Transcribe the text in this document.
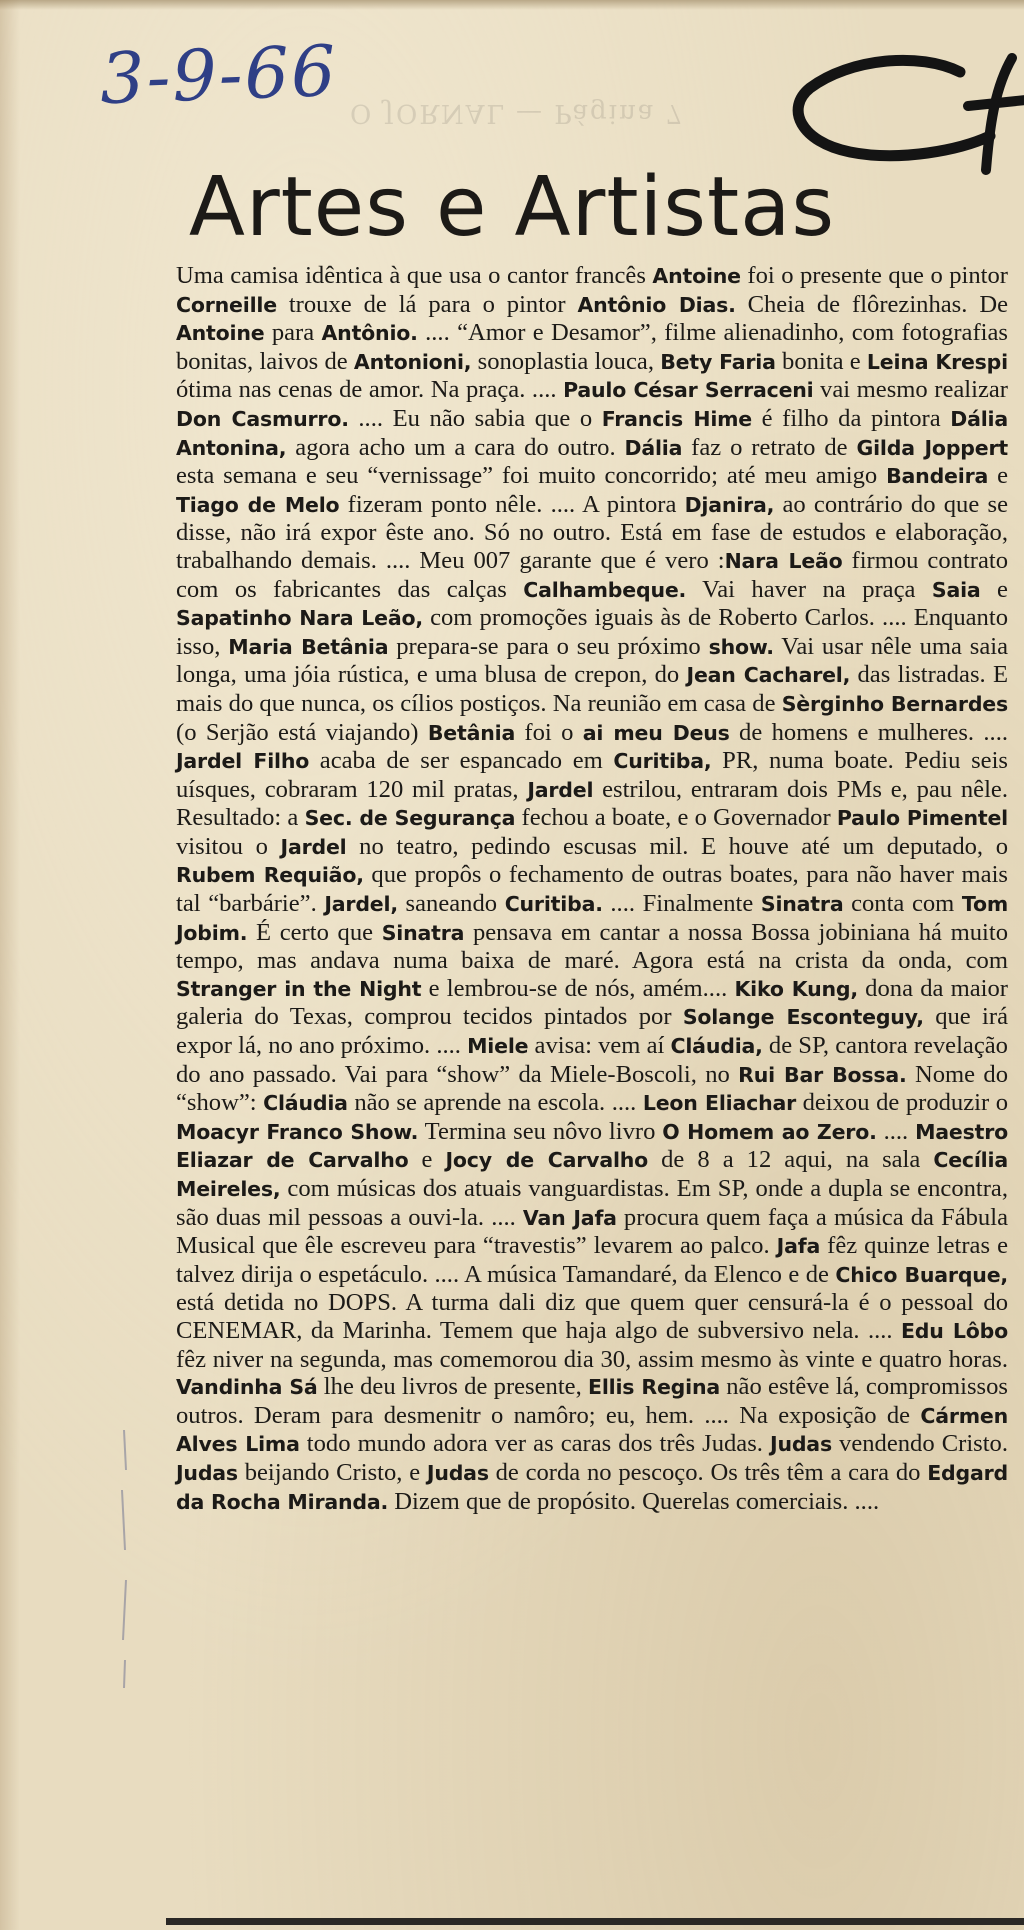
3-9-66 O JORNAL — Página 7
Artes e Artistas

Uma camisa idêntica à que usa o cantor francês Antoine foi o presente que o pintor Corneille trouxe de lá para o pintor Antônio Dias. Cheia de flôrezinhas. De Antoine para Antônio. .... “Amor e Desamor”, filme alienadinho, com fotografias bonitas, laivos de Antonioni, sonoplastia louca, Bety Faria bonita e Leina Krespi ótima nas cenas de amor. Na praça. .... Paulo César Serraceni vai mesmo realizar Don Casmurro. .... Eu não sabia que o Francis Hime é filho da pintora Dália Antonina, agora acho um a cara do outro. Dália faz o retrato de Gilda Joppert esta semana e seu “vernissage” foi muito concorrido; até meu amigo Bandeira e Tiago de Melo fizeram ponto nêle. .... A pintora Djanira, ao contrário do que se disse, não irá expor êste ano. Só no outro. Está em fase de estudos e elaboração, trabalhando demais. .... Meu 007 garante que é vero :Nara Leão firmou contrato com os fabricantes das calças Calhambeque. Vai haver na praça Saia e Sapatinho Nara Leão, com promoções iguais às de Roberto Carlos. .... Enquanto isso, Maria Betânia prepara-se para o seu próximo show. Vai usar nêle uma saia longa, uma jóia rústica, e uma blusa de crepon, do Jean Cacharel, das listradas. E mais do que nunca, os cílios postiços. Na reunião em casa de Sèrginho Bernardes (o Serjão está viajando) Betânia foi o ai meu Deus de homens e mulheres. .... Jardel Filho acaba de ser espancado em Curitiba, PR, numa boate. Pediu seis uísques, cobraram 120 mil pratas, Jardel estrilou, entraram dois PMs e, pau nêle. Resultado: a Sec. de Segurança fechou a boate, e o Governador Paulo Pimentel visitou o Jardel no teatro, pedindo escusas mil. E houve até um deputado, o Rubem Requião, que propôs o fechamento de outras boates, para não haver mais tal “barbárie”. Jardel, saneando Curitiba. .... Finalmente Sinatra conta com Tom Jobim. É certo que Sinatra pensava em cantar a nossa Bossa jobiniana há muito tempo, mas andava numa baixa de maré. Agora está na crista da onda, com Stranger in the Night e lembrou-se de nós, amém.... Kiko Kung, dona da maior galeria do Texas, comprou tecidos pintados por Solange Esconteguy, que irá expor lá, no ano próximo. .... Miele avisa: vem aí Cláudia, de SP, cantora revelação do ano passado. Vai para “show” da Miele-Boscoli, no Rui Bar Bossa. Nome do “show”: Cláudia não se aprende na escola. .... Leon Eliachar deixou de produzir o Moacyr Franco Show. Termina seu nôvo livro O Homem ao Zero. .... Maestro Eliazar de Carvalho e Jocy de Carvalho de 8 a 12 aqui, na sala Cecília Meireles, com músicas dos atuais vanguardistas. Em SP, onde a dupla se encontra, são duas mil pessoas a ouvi-la. .... Van Jafa procura quem faça a música da Fábula Musical que êle escreveu para “travestis” levarem ao palco. Jafa fêz quinze letras e talvez dirija o espetáculo. .... A música Tamandaré, da Elenco e de Chico Buarque, está detida no DOPS. A turma dali diz que quem quer censurá-la é o pessoal do CENEMAR, da Marinha. Temem que haja algo de subversivo nela. .... Edu Lôbo fêz niver na segunda, mas comemorou dia 30, assim mesmo às vinte e quatro horas. Vandinha Sá lhe deu livros de presente, Ellis Regina não estêve lá, compromissos outros. Deram para desmenitr o namôro; eu, hem. .... Na exposição de Cármen Alves Lima todo mundo adora ver as caras dos três Judas. Judas vendendo Cristo. Judas beijando Cristo, e Judas de corda no pescoço. Os três têm a cara do Edgard da Rocha Miranda. Dizem que de propósito. Querelas comerciais. ....
